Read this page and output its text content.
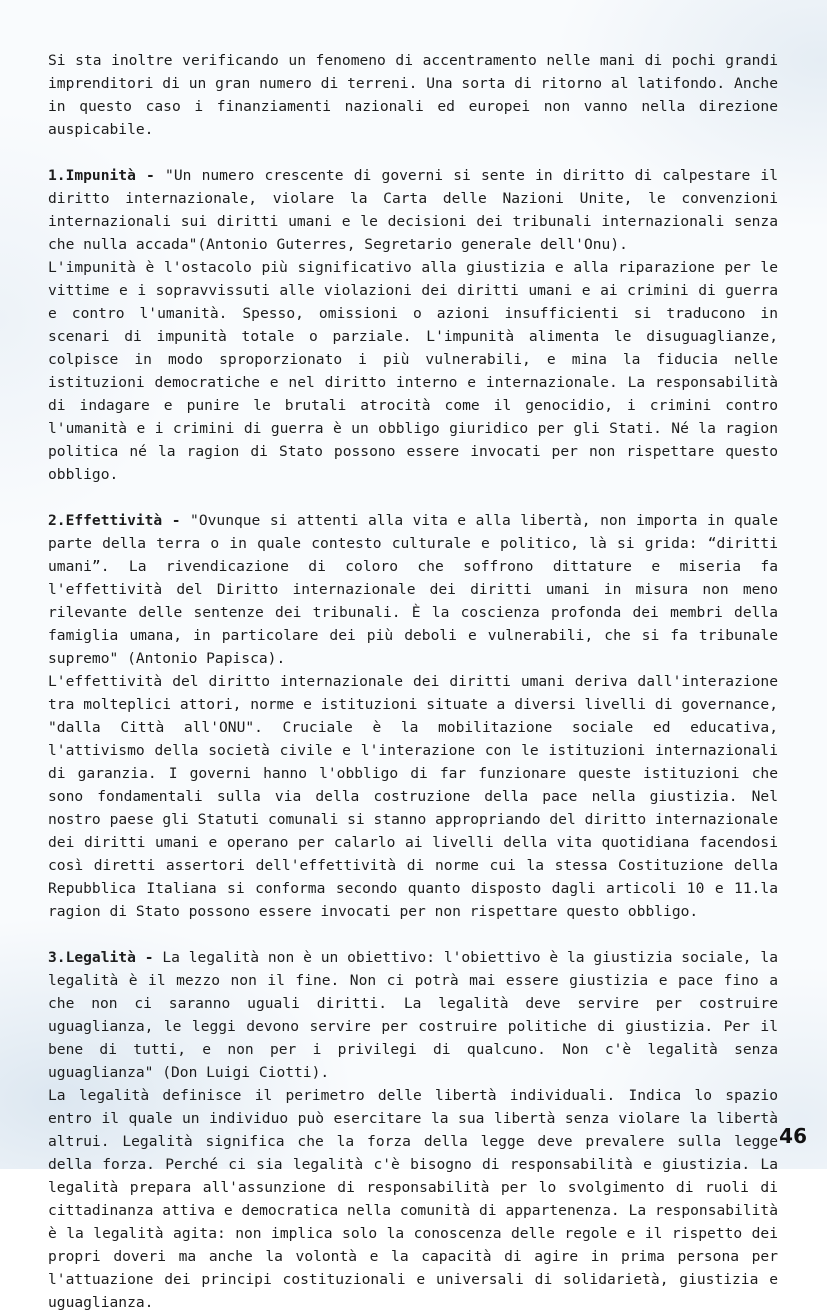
Si sta inoltre verificando un fenomeno di accentramento nelle mani di pochi grandi imprenditori di un gran numero di terreni. Una sorta di ritorno al latifondo. Anche in questo caso i finanziamenti nazionali ed europei non vanno nella direzione auspicabile.

1.Impunità - "Un numero crescente di governi si sente in diritto di calpestare il diritto internazionale, violare la Carta delle Nazioni Unite, le convenzioni internazionali sui diritti umani e le decisioni dei tribunali internazionali senza che nulla accada"(Antonio Guterres, Segretario generale dell'Onu).

L'impunità è l'ostacolo più significativo alla giustizia e alla riparazione per le vittime e i sopravvissuti alle violazioni dei diritti umani e ai crimini di guerra e contro l'umanità. Spesso, omissioni o azioni insufficienti si traducono in scenari di impunità totale o parziale. L'impunità alimenta le disuguaglianze, colpisce in modo sproporzionato i più vulnerabili, e mina la fiducia nelle istituzioni democratiche e nel diritto interno e internazionale. La responsabilità di indagare e punire le brutali atrocità come il genocidio, i crimini contro l'umanità e i crimini di guerra è un obbligo giuridico per gli Stati. Né la ragion politica né la ragion di Stato possono essere invocati per non rispettare questo obbligo.

2.Effettività - "Ovunque si attenti alla vita e alla libertà, non importa in quale parte della terra o in quale contesto culturale e politico, là si grida: “diritti umani”. La rivendicazione di coloro che soffrono dittature e miseria fa l'effettività del Diritto internazionale dei diritti umani in misura non meno rilevante delle sentenze dei tribunali. È la coscienza profonda dei membri della famiglia umana, in particolare dei più deboli e vulnerabili, che si fa tribunale supremo" (Antonio Papisca).

L'effettività del diritto internazionale dei diritti umani deriva dall'interazione tra molteplici attori, norme e istituzioni situate a diversi livelli di governance, "dalla Città all'ONU". Cruciale è la mobilitazione sociale ed educativa, l'attivismo della società civile e l'interazione con le istituzioni internazionali di garanzia. I governi hanno l'obbligo di far funzionare queste istituzioni che sono fondamentali sulla via della costruzione della pace nella giustizia. Nel nostro paese gli Statuti comunali si stanno appropriando del diritto internazionale dei diritti umani e operano per calarlo ai livelli della vita quotidiana facendosi così diretti assertori dell'effettività di norme cui la stessa Costituzione della Repubblica Italiana si conforma secondo quanto disposto dagli articoli 10 e 11.la ragion di Stato possono essere invocati per non rispettare questo obbligo.

3.Legalità - La legalità non è un obiettivo: l'obiettivo è la giustizia sociale, la legalità è il mezzo non il fine. Non ci potrà mai essere giustizia e pace fino a che non ci saranno uguali diritti. La legalità deve servire per costruire uguaglianza, le leggi devono servire per costruire politiche di giustizia. Per il bene di tutti, e non per i privilegi di qualcuno. Non c'è legalità senza uguaglianza" (Don Luigi Ciotti).

La legalità definisce il perimetro delle libertà individuali. Indica lo spazio entro il quale un individuo può esercitare la sua libertà senza violare la libertà altrui. Legalità significa che la forza della legge deve prevalere sulla legge della forza. Perché ci sia legalità c'è bisogno di responsabilità e giustizia. La legalità prepara all'assunzione di responsabilità per lo svolgimento di ruoli di cittadinanza attiva e democratica nella comunità di appartenenza. La responsabilità è la legalità agita: non implica solo la conoscenza delle regole e il rispetto dei propri doveri ma anche la volontà e la capacità di agire in prima persona per l'attuazione dei principi costituzionali e universali di solidarietà, giustizia e uguaglianza.

46
